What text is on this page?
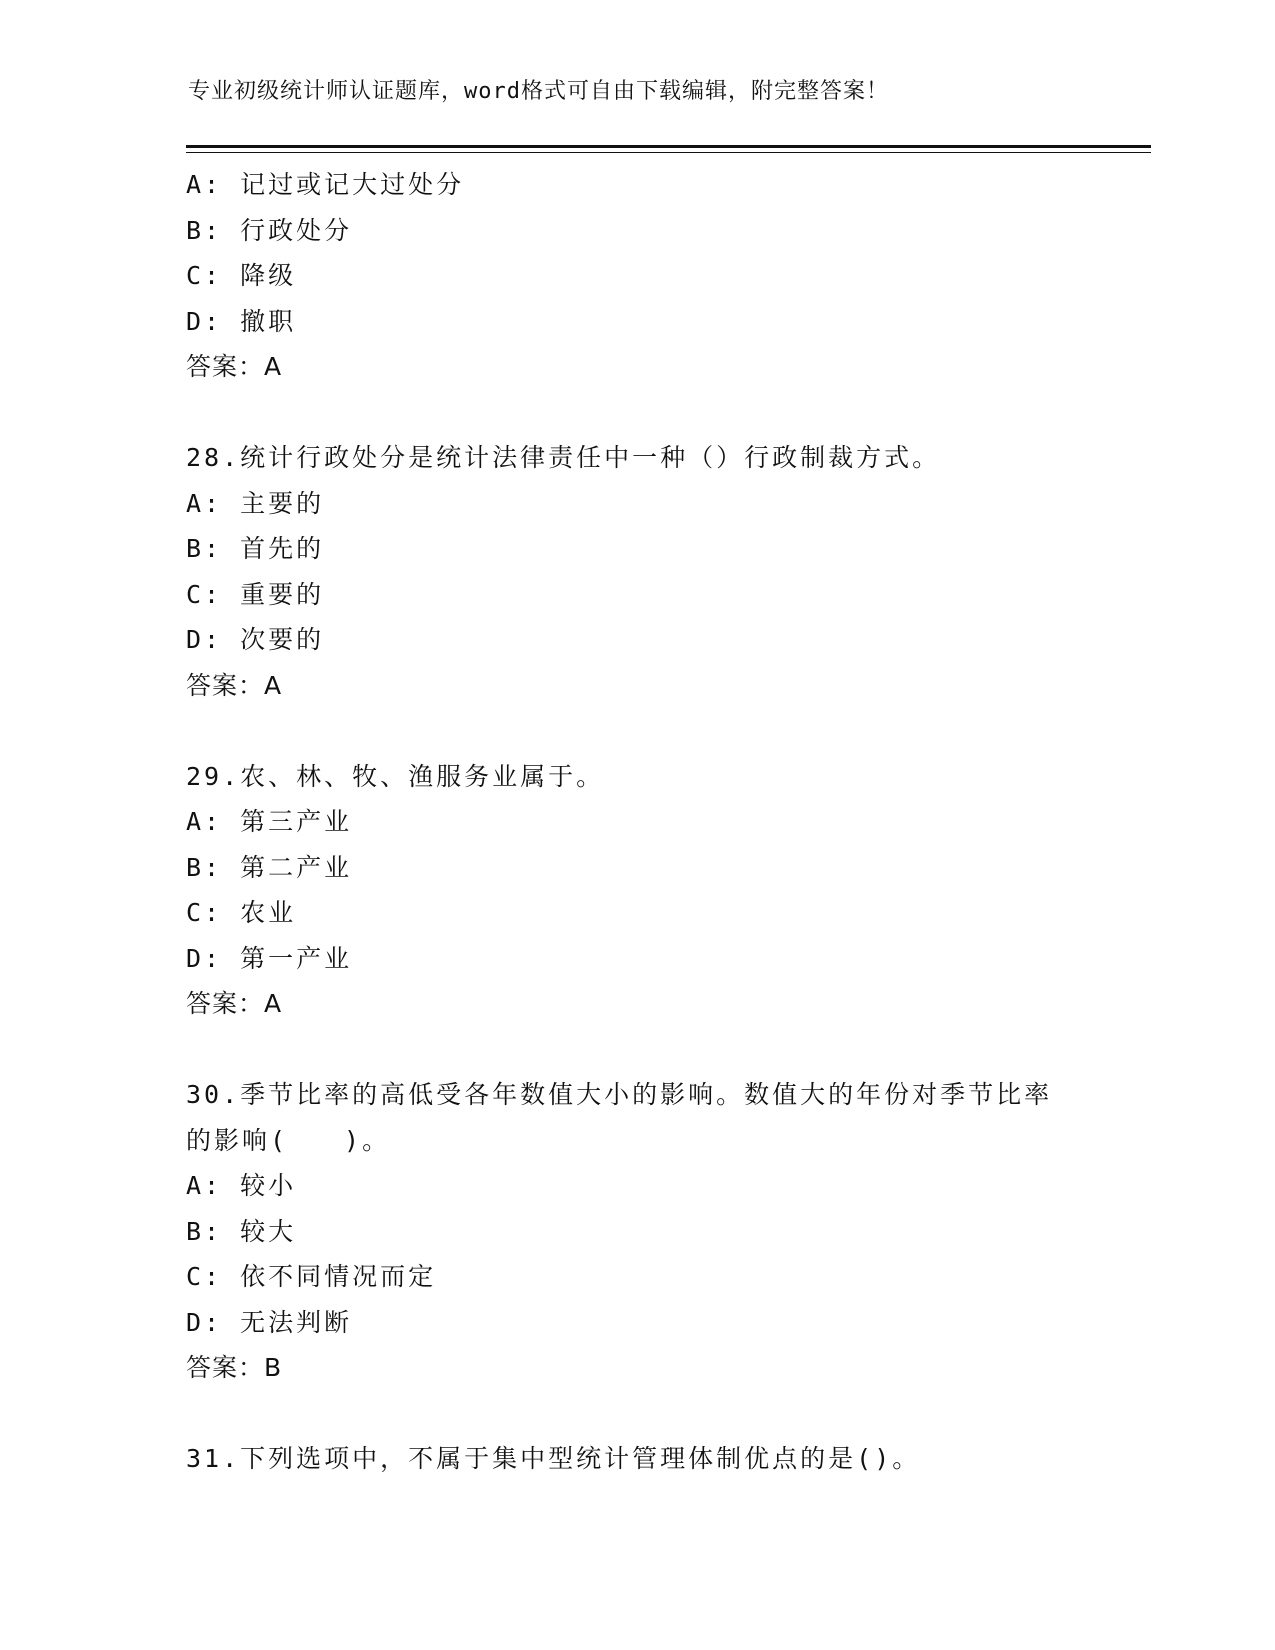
专业初级统计师认证题库，word格式可自由下载编辑，附完整答案！
A: 记过或记大过处分
B: 行政处分
C: 降级
D: 撤职
答案：A
28.统计行政处分是统计法律责任中一种（）行政制裁方式。
A: 主要的
B: 首先的
C: 重要的
D: 次要的
答案：A
29.农、林、牧、渔服务业属于。
A: 第三产业
B: 第二产业
C: 农业
D: 第一产业
答案：A
30.季节比率的高低受各年数值大小的影响。数值大的年份对季节比率
的影响(　　)。
A: 较小
B: 较大
C: 依不同情况而定
D: 无法判断
答案：B
31.下列选项中，不属于集中型统计管理体制优点的是()。
